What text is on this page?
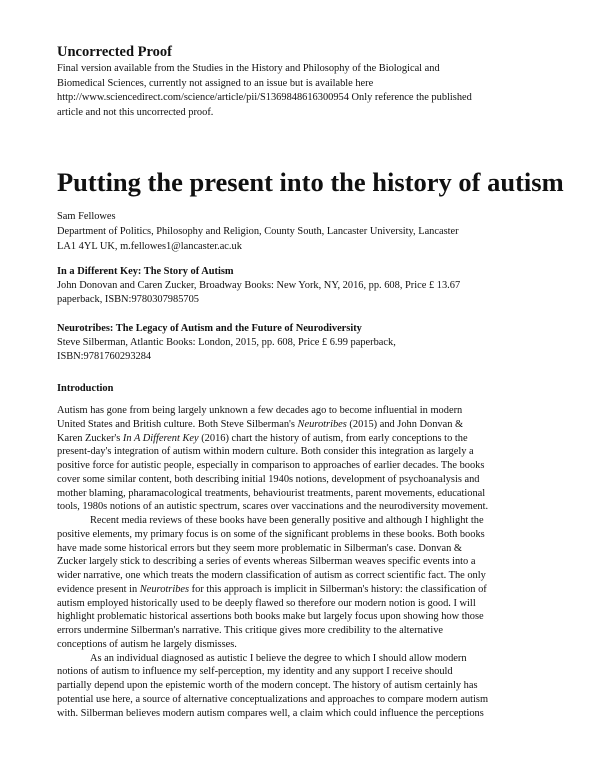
Uncorrected Proof
Final version available from the Studies in the History and Philosophy of the Biological and
Biomedical Sciences, currently not assigned to an issue but is available here
http://www.sciencedirect.com/science/article/pii/S1369848616300954 Only reference the published
article and not this uncorrected proof.
Putting the present into the history of autism
Sam Fellowes
Department of Politics, Philosophy and Religion, County South, Lancaster University, Lancaster
LA1 4YL UK, m.fellowes1@lancaster.ac.uk
In a Different Key: The Story of Autism
John Donovan and Caren Zucker, Broadway Books: New York, NY, 2016, pp. 608, Price £ 13.67
paperback, ISBN:9780307985705
Neurotribes: The Legacy of Autism and the Future of Neurodiversity
Steve Silberman, Atlantic Books: London, 2015, pp. 608, Price £ 6.99 paperback,
ISBN:9781760293284
Introduction
Autism has gone from being largely unknown a few decades ago to become influential in modern
United States and British culture. Both Steve Silberman's Neurotribes (2015) and John Donvan &
Karen Zucker's In A Different Key (2016) chart the history of autism, from early conceptions to the
present-day's integration of autism within modern culture. Both consider this integration as largely a
positive force for autistic people, especially in comparison to approaches of earlier decades. The books
cover some similar content, both describing initial 1940s notions, development of psychoanalysis and
mother blaming, pharamacological treatments, behaviourist treatments, parent movements, educational
tools, 1980s notions of an autistic spectrum, scares over vaccinations and the neurodiversity movement.
Recent media reviews of these books have been generally positive and although I highlight the
positive elements, my primary focus is on some of the significant problems in these books. Both books
have made some historical errors but they seem more problematic in Silberman's case. Donvan &
Zucker largely stick to describing a series of events whereas Silberman weaves specific events into a
wider narrative, one which treats the modern classification of autism as correct scientific fact. The only
evidence present in Neurotribes for this approach is implicit in Silberman's history: the classification of
autism employed historically used to be deeply flawed so therefore our modern notion is good. I will
highlight problematic historical assertions both books make but largely focus upon showing how those
errors undermine Silberman's narrative. This critique gives more credibility to the alternative
conceptions of autism he largely dismisses.
As an individual diagnosed as autistic I believe the degree to which I should allow modern
notions of autism to influence my self-perception, my identity and any support I receive should
partially depend upon the epistemic worth of the modern concept. The history of autism certainly has
potential use here, a source of alternative conceptualizations and approaches to compare modern autism
with. Silberman believes modern autism compares well, a claim which could influence the perceptions
